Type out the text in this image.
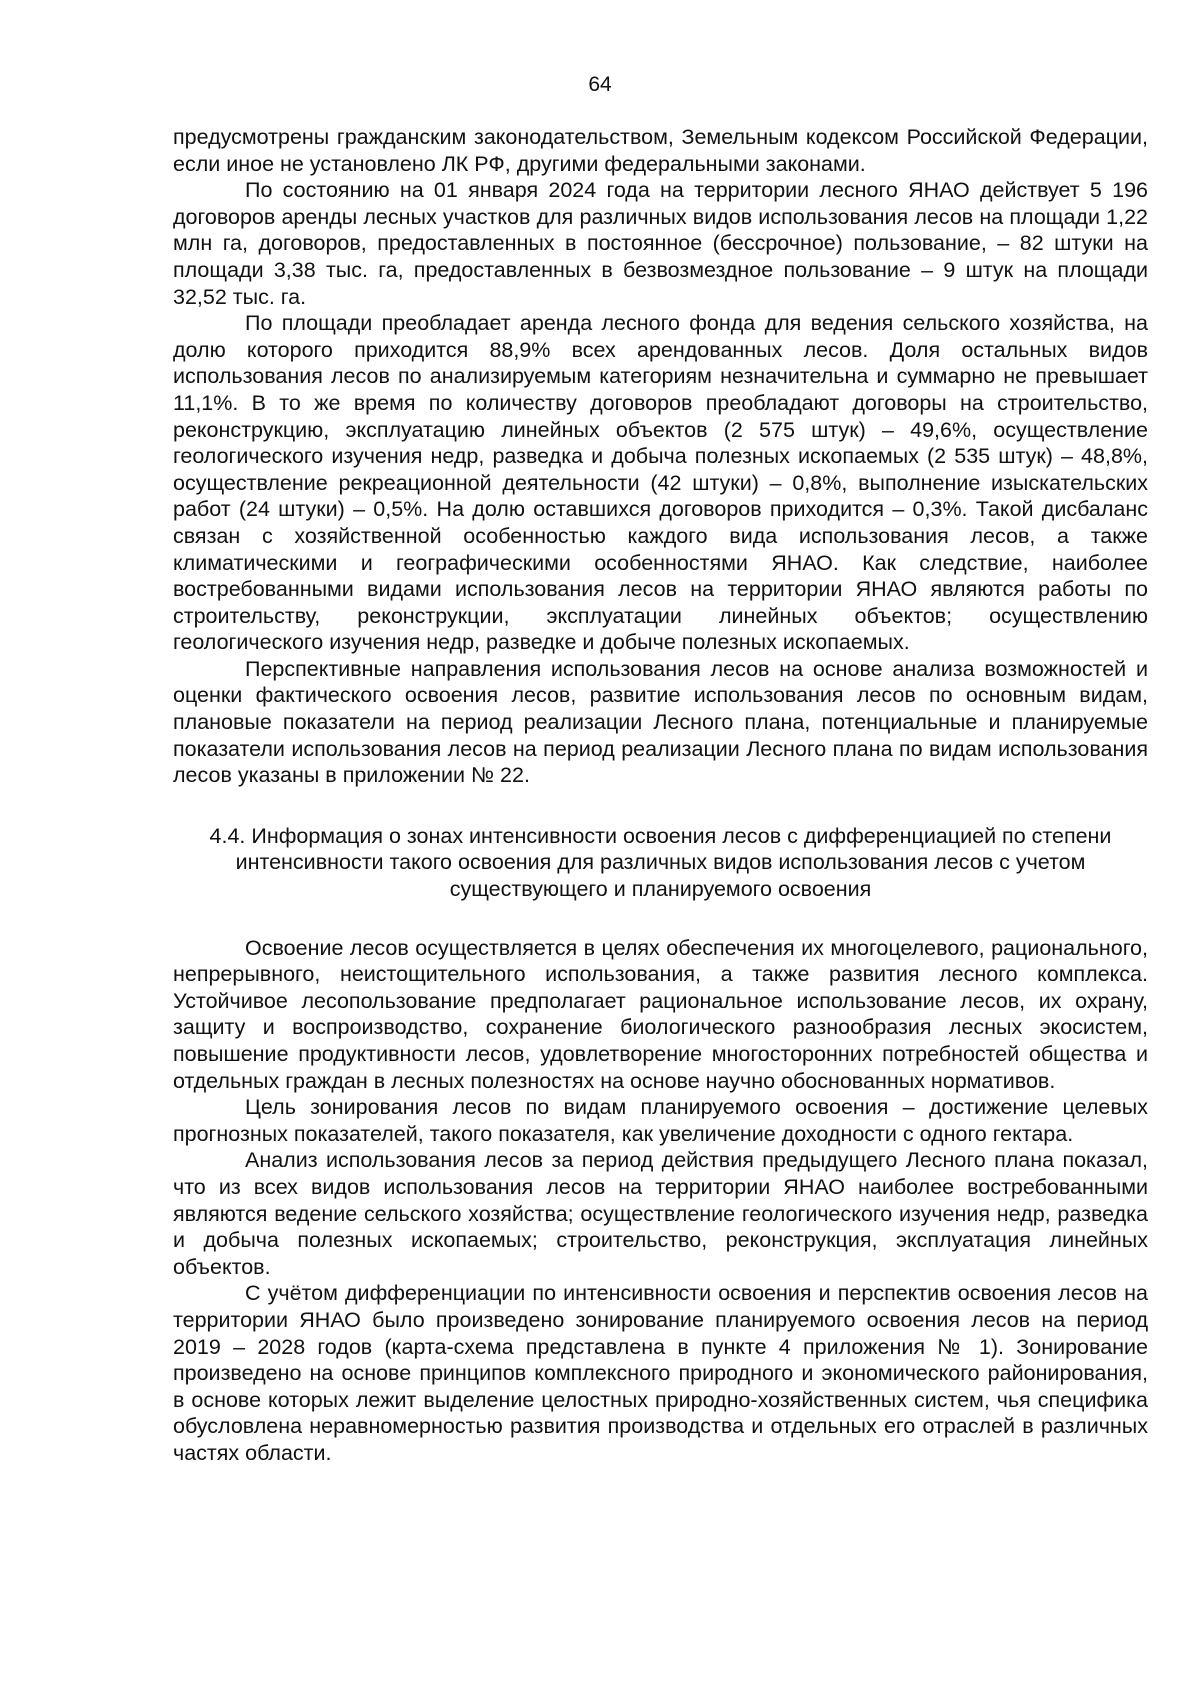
64

предусмотрены гражданским законодательством, Земельным кодексом Российской Федерации, если иное не установлено ЛК РФ, другими федеральными законами.

По состоянию на 01 января 2024 года на территории лесного ЯНАО действует 5 196 договоров аренды лесных участков для различных видов использования лесов на площади 1,22 млн га, договоров, предоставленных в постоянное (бессрочное) пользование, – 82 штуки на площади 3,38 тыс. га, предоставленных в безвозмездное пользование – 9 штук на площади 32,52 тыс. га.

По площади преобладает аренда лесного фонда для ведения сельского хозяйства, на долю которого приходится 88,9% всех арендованных лесов. Доля остальных видов использования лесов по анализируемым категориям незначительна и суммарно не превышает 11,1%. В то же время по количеству договоров преобладают договоры на строительство, реконструкцию, эксплуатацию линейных объектов (2 575 штук) – 49,6%, осуществление геологического изучения недр, разведка и добыча полезных ископаемых (2 535 штук) – 48,8%, осуществление рекреационной деятельности (42 штуки) – 0,8%, выполнение изыскательских работ (24 штуки) – 0,5%. На долю оставшихся договоров приходится – 0,3%. Такой дисбаланс связан с хозяйственной особенностью каждого вида использования лесов, а также климатическими и географическими особенностями ЯНАО. Как следствие, наиболее востребованными видами использования лесов на территории ЯНАО являются работы по строительству, реконструкции, эксплуатации линейных объектов; осуществлению геологического изучения недр, разведке и добыче полезных ископаемых.

Перспективные направления использования лесов на основе анализа возможностей и оценки фактического освоения лесов, развитие использования лесов по основным видам, плановые показатели на период реализации Лесного плана, потенциальные и планируемые показатели использования лесов на период реализации Лесного плана по видам использования лесов указаны в приложении № 22.

4.4. Информация о зонах интенсивности освоения лесов с дифференциацией по степени интенсивности такого освоения для различных видов использования лесов с учетом существующего и планируемого освоения

Освоение лесов осуществляется в целях обеспечения их многоцелевого, рационального, непрерывного, неистощительного использования, а также развития лесного комплекса. Устойчивое лесопользование предполагает рациональное использование лесов, их охрану, защиту и воспроизводство, сохранение биологического разнообразия лесных экосистем, повышение продуктивности лесов, удовлетворение многосторонних потребностей общества и отдельных граждан в лесных полезностях на основе научно обоснованных нормативов.

Цель зонирования лесов по видам планируемого освоения – достижение целевых прогнозных показателей, такого показателя, как увеличение доходности с одного гектара.

Анализ использования лесов за период действия предыдущего Лесного плана показал, что из всех видов использования лесов на территории ЯНАО наиболее востребованными являются ведение сельского хозяйства; осуществление геологического изучения недр, разведка и добыча полезных ископаемых; строительство, реконструкция, эксплуатация линейных объектов.

С учётом дифференциации по интенсивности освоения и перспектив освоения лесов на территории ЯНАО было произведено зонирование планируемого освоения лесов на период 2019 – 2028 годов (карта-схема представлена в пункте 4 приложения № 1). Зонирование произведено на основе принципов комплексного природного и экономического районирования, в основе которых лежит выделение целостных природно-хозяйственных систем, чья специфика обусловлена неравномерностью развития производства и отдельных его отраслей в различных частях области.
